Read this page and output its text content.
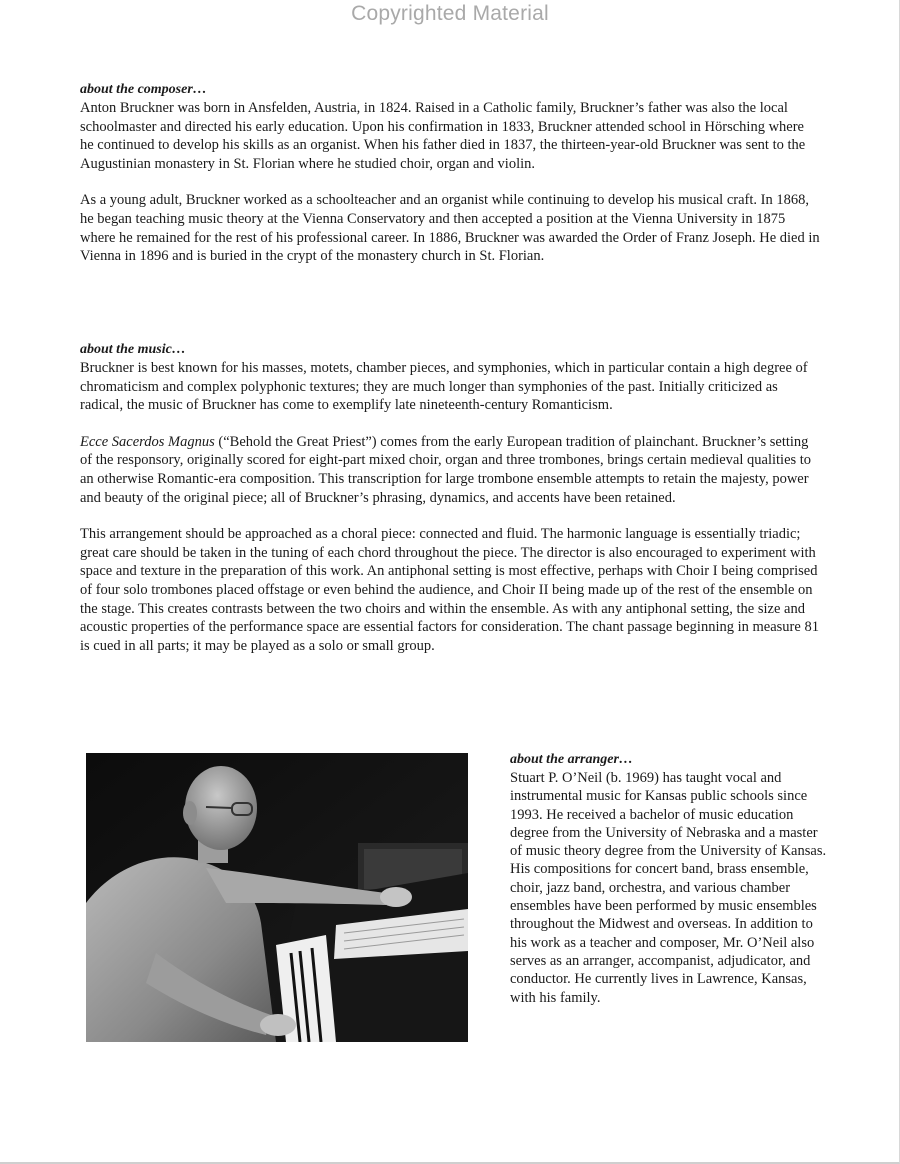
Copyrighted Material
about the composer…

Anton Bruckner was born in Ansfelden, Austria, in 1824. Raised in a Catholic family, Bruckner’s father was also the local schoolmaster and directed his early education. Upon his confirmation in 1833, Bruckner attended school in Hörsching where he continued to develop his skills as an organist. When his father died in 1837, the thirteen-year-old Bruckner was sent to the Augustinian monastery in St. Florian where he studied choir, organ and violin.

As a young adult, Bruckner worked as a schoolteacher and an organist while continuing to develop his musical craft. In 1868, he began teaching music theory at the Vienna Conservatory and then accepted a position at the Vienna University in 1875 where he remained for the rest of his professional career. In 1886, Bruckner was awarded the Order of Franz Joseph. He died in Vienna in 1896 and is buried in the crypt of the monastery church in St. Florian.

about the music…

Bruckner is best known for his masses, motets, chamber pieces, and symphonies, which in particular contain a high degree of chromaticism and complex polyphonic textures; they are much longer than symphonies of the past. Initially criticized as radical, the music of Bruckner has come to exemplify late nineteenth-century Romanticism.

Ecce Sacerdos Magnus (“Behold the Great Priest”) comes from the early European tradition of plainchant. Bruckner’s setting of the responsory, originally scored for eight-part mixed choir, organ and three trombones, brings certain medieval qualities to an otherwise Romantic-era composition. This transcription for large trombone ensemble attempts to retain the majesty, power and beauty of the original piece; all of Bruckner’s phrasing, dynamics, and accents have been retained.

This arrangement should be approached as a choral piece: connected and fluid. The harmonic language is essentially triadic; great care should be taken in the tuning of each chord throughout the piece. The director is also encouraged to experiment with space and texture in the preparation of this work. An antiphonal setting is most effective, perhaps with Choir I being comprised of four solo trombones placed offstage or even behind the audience, and Choir II being made up of the rest of the ensemble on the stage. This creates contrasts between the two choirs and within the ensemble. As with any antiphonal setting, the size and acoustic properties of the performance space are essential factors for consideration. The chant passage beginning in measure 81 is cued in all parts; it may be played as a solo or small group.

about the arranger…

Stuart P. O’Neil (b. 1969) has taught vocal and instrumental music for Kansas public schools since 1993. He received a bachelor of music education degree from the University of Nebraska and a master of music theory degree from the University of Kansas. His compositions for concert band, brass ensemble, choir, jazz band, orchestra, and various chamber ensembles have been performed by music ensembles throughout the Midwest and overseas. In addition to his work as a teacher and composer, Mr. O’Neil also serves as an arranger, accompanist, adjudicator, and conductor. He currently lives in Lawrence, Kansas, with his family.
